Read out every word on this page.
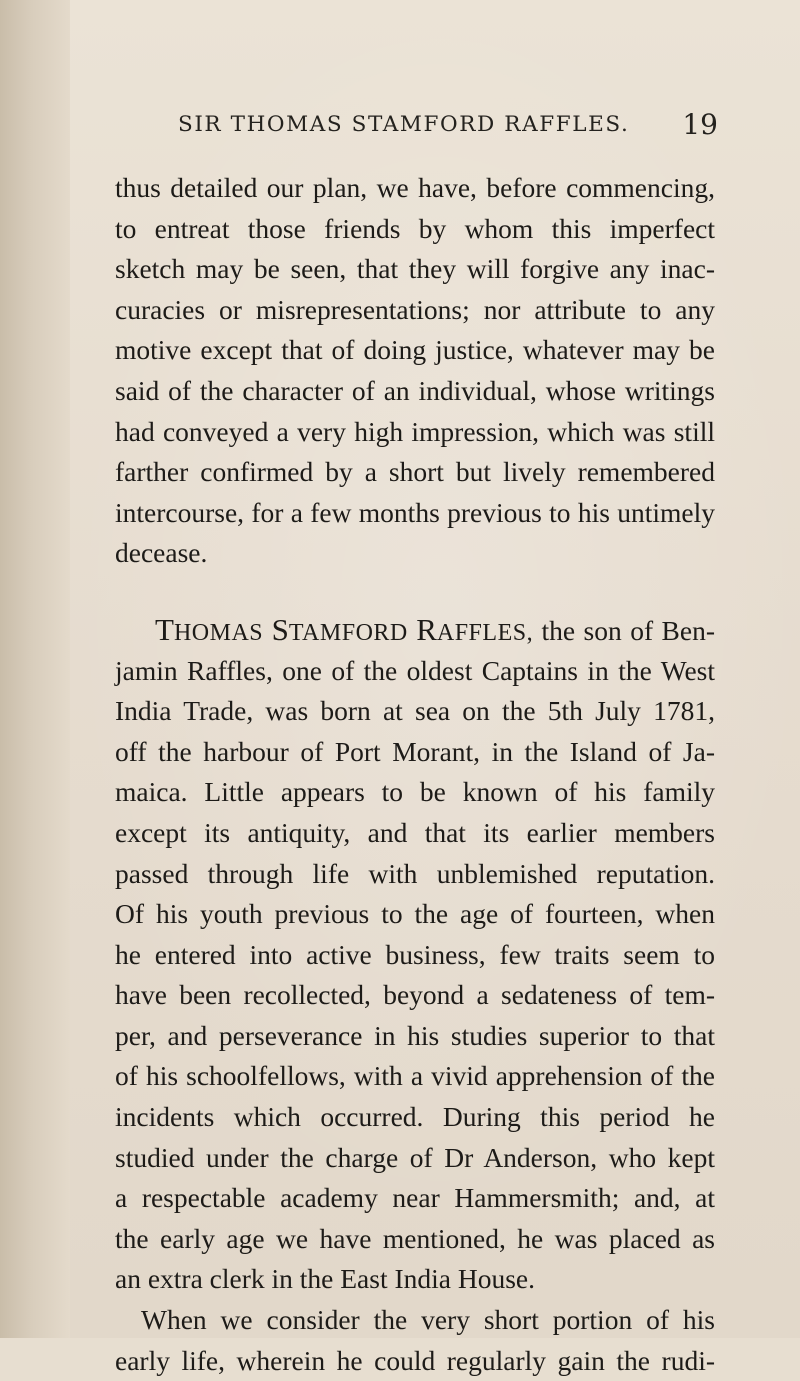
SIR THOMAS STAMFORD RAFFLES. 19
thus detailed our plan, we have, before commencing,
to entreat those friends by whom this imperfect
sketch may be seen, that they will forgive any inac-
curacies or misrepresentations; nor attribute to any
motive except that of doing justice, whatever may be
said of the character of an individual, whose writings
had conveyed a very high impression, which was still
farther confirmed by a short but lively remembered
intercourse, for a few months previous to his untimely
decease.
THOMAS STAMFORD RAFFLES, the son of Ben-
jamin Raffles, one of the oldest Captains in the West
India Trade, was born at sea on the 5th July 1781,
off the harbour of Port Morant, in the Island of Ja-
maica. Little appears to be known of his family
except its antiquity, and that its earlier members
passed through life with unblemished reputation.
Of his youth previous to the age of fourteen, when
he entered into active business, few traits seem to
have been recollected, beyond a sedateness of tem-
per, and perseverance in his studies superior to that
of his schoolfellows, with a vivid apprehension of the
incidents which occurred. During this period he
studied under the charge of Dr Anderson, who kept
a respectable academy near Hammersmith; and, at
the early age we have mentioned, he was placed as
an extra clerk in the East India House.
When we consider the very short portion of his
early life, wherein he could regularly gain the rudi-
